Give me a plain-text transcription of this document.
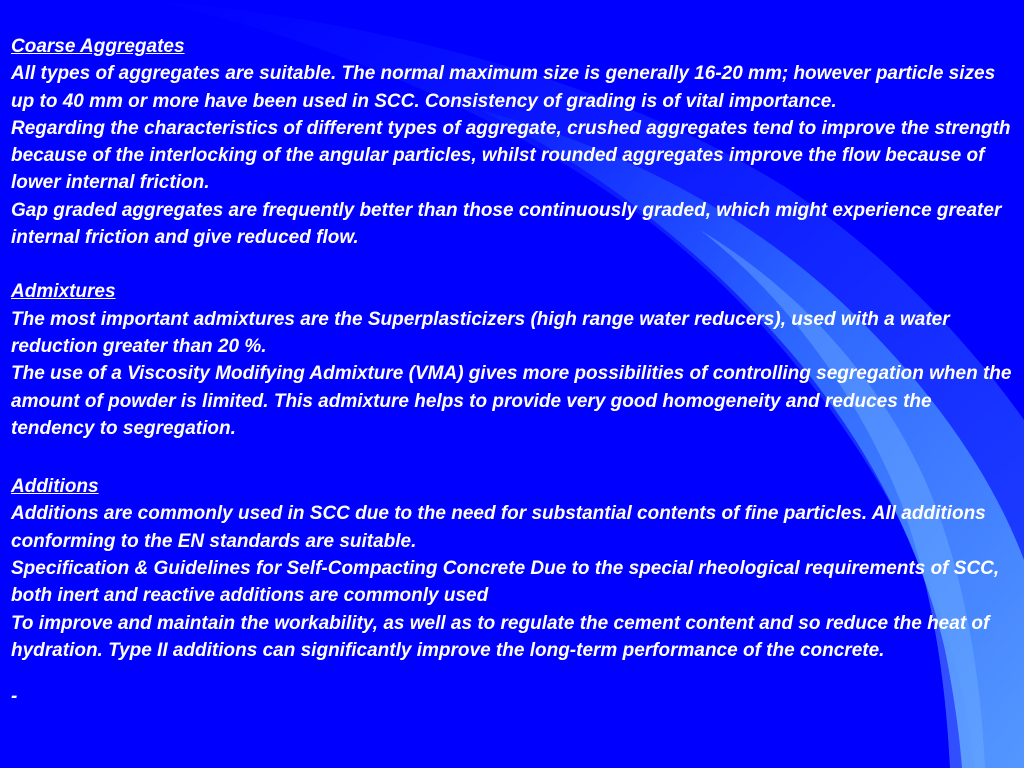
Coarse Aggregates
All types of aggregates are suitable. The normal maximum size is generally 16-20 mm; however particle sizes up to 40 mm or more have been used in SCC. Consistency of grading is of vital importance.
Regarding the characteristics of different types of aggregate, crushed aggregates tend to improve the strength because of the interlocking of the angular particles, whilst rounded aggregates improve the flow because of lower internal friction.
Gap graded aggregates are frequently better than those continuously graded, which might experience greater internal friction and give reduced flow.
Admixtures
The most important admixtures are the Superplasticizers (high range water reducers), used with a water reduction greater than 20 %.
The use of a Viscosity Modifying Admixture (VMA) gives more possibilities of controlling segregation when the amount of powder is limited. This admixture helps to provide very good homogeneity and reduces the tendency to segregation.
Additions
Additions are commonly used in SCC due to the need for substantial contents of fine particles. All additions conforming to the EN standards are suitable.
Specification & Guidelines for Self-Compacting Concrete Due to the special rheological requirements of SCC, both inert and reactive additions are commonly used
To improve and maintain the workability, as well as to regulate the cement content and so reduce the heat of hydration. Type II additions can significantly improve the long-term performance of the concrete.
-
